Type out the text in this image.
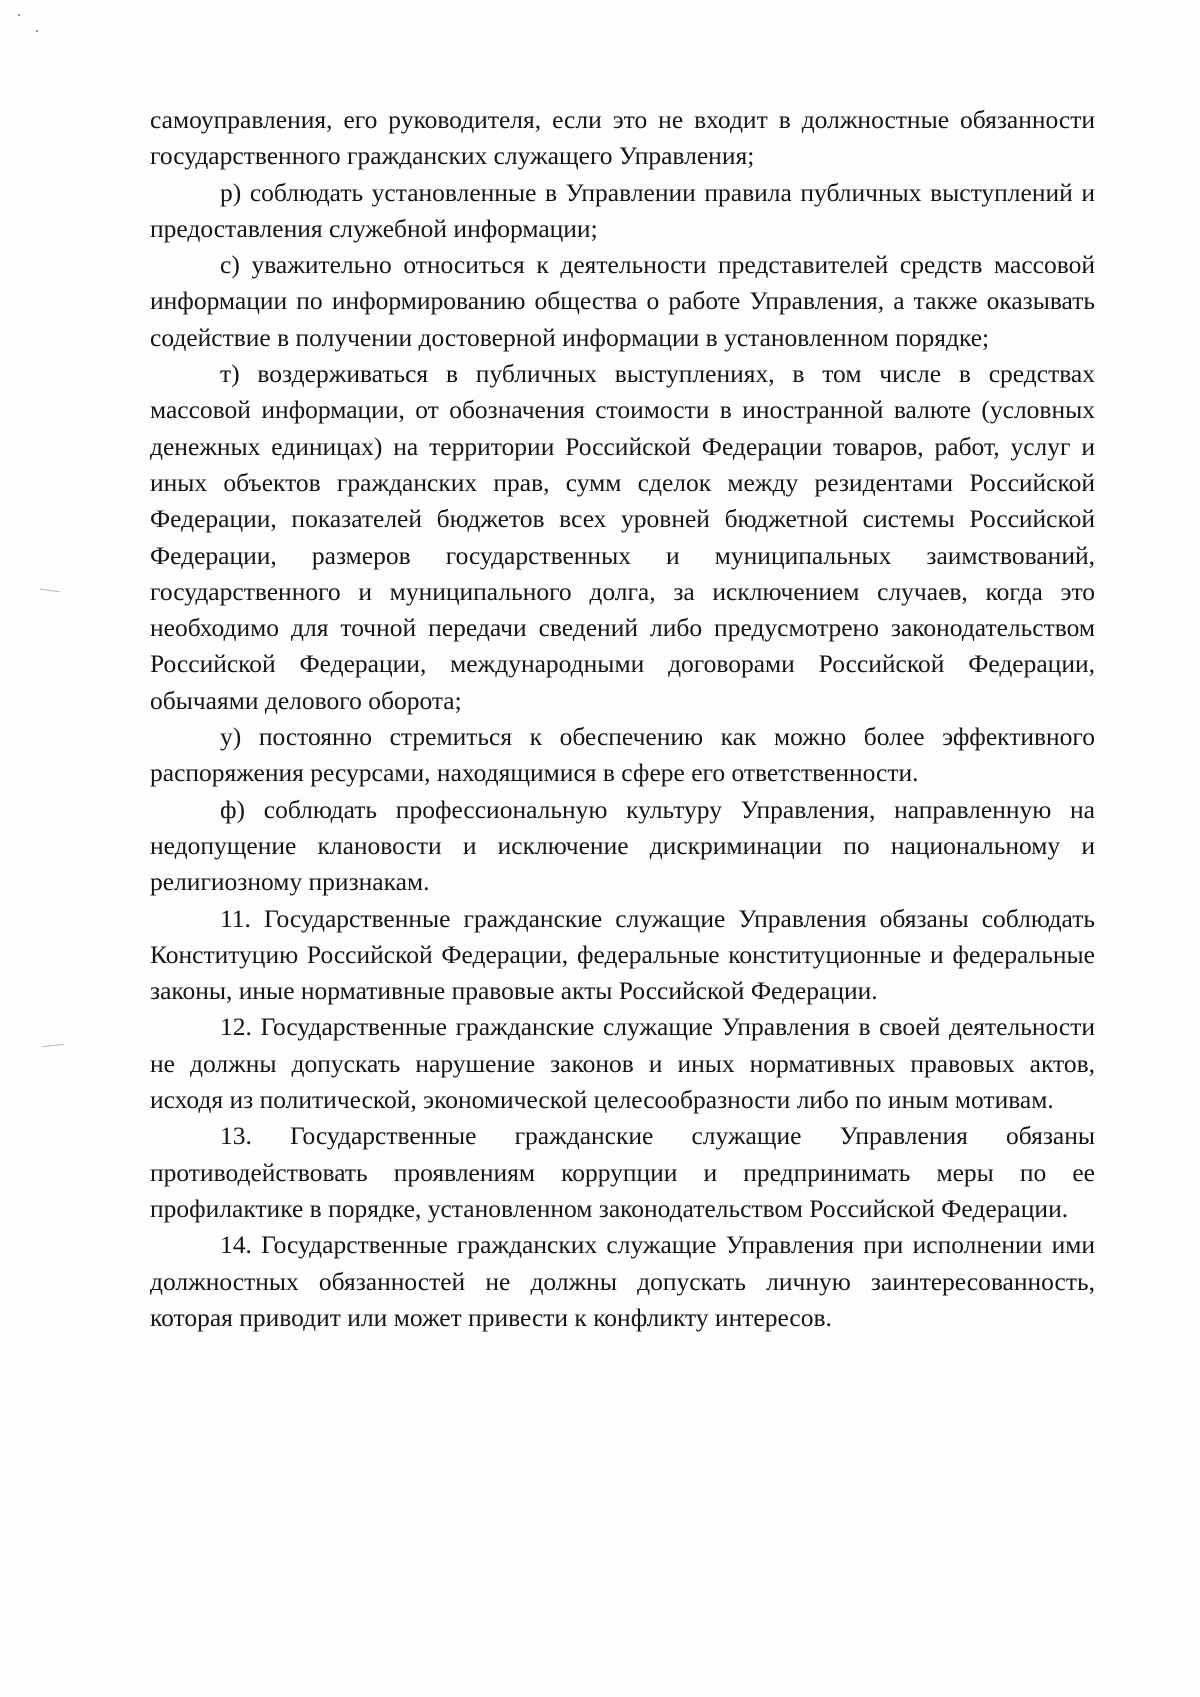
самоуправления, его руководителя, если это не входит в должностные обязанности государственного гражданских служащего Управления;

р) соблюдать установленные в Управлении правила публичных выступлений и предоставления служебной информации;

с) уважительно относиться к деятельности представителей средств массовой информации по информированию общества о работе Управления, а также оказывать содействие в получении достоверной информации в установленном порядке;

т) воздерживаться в публичных выступлениях, в том числе в средствах массовой информации, от обозначения стоимости в иностранной валюте (условных денежных единицах) на территории Российской Федерации товаров, работ, услуг и иных объектов гражданских прав, сумм сделок между резидентами Российской Федерации, показателей бюджетов всех уровней бюджетной системы Российской Федерации, размеров государственных и муниципальных заимствований, государственного и муниципального долга, за исключением случаев, когда это необходимо для точной передачи сведений либо предусмотрено законодательством Российской Федерации, международными договорами Российской Федерации, обычаями делового оборота;

у) постоянно стремиться к обеспечению как можно более эффективного распоряжения ресурсами, находящимися в сфере его ответственности.

ф) соблюдать профессиональную культуру Управления, направленную на недопущение клановости и исключение дискриминации по национальному и религиозному признакам.

11. Государственные гражданские служащие Управления обязаны соблюдать Конституцию Российской Федерации, федеральные конституционные и федеральные законы, иные нормативные правовые акты Российской Федерации.

12. Государственные гражданские служащие Управления в своей деятельности не должны допускать нарушение законов и иных нормативных правовых актов, исходя из политической, экономической целесообразности либо по иным мотивам.

13. Государственные гражданские служащие Управления обязаны противодействовать проявлениям коррупции и предпринимать меры по ее профилактике в порядке, установленном законодательством Российской Федерации.

14. Государственные гражданских служащие Управления при исполнении ими должностных обязанностей не должны допускать личную заинтересованность, которая приводит или может привести к конфликту интересов.
